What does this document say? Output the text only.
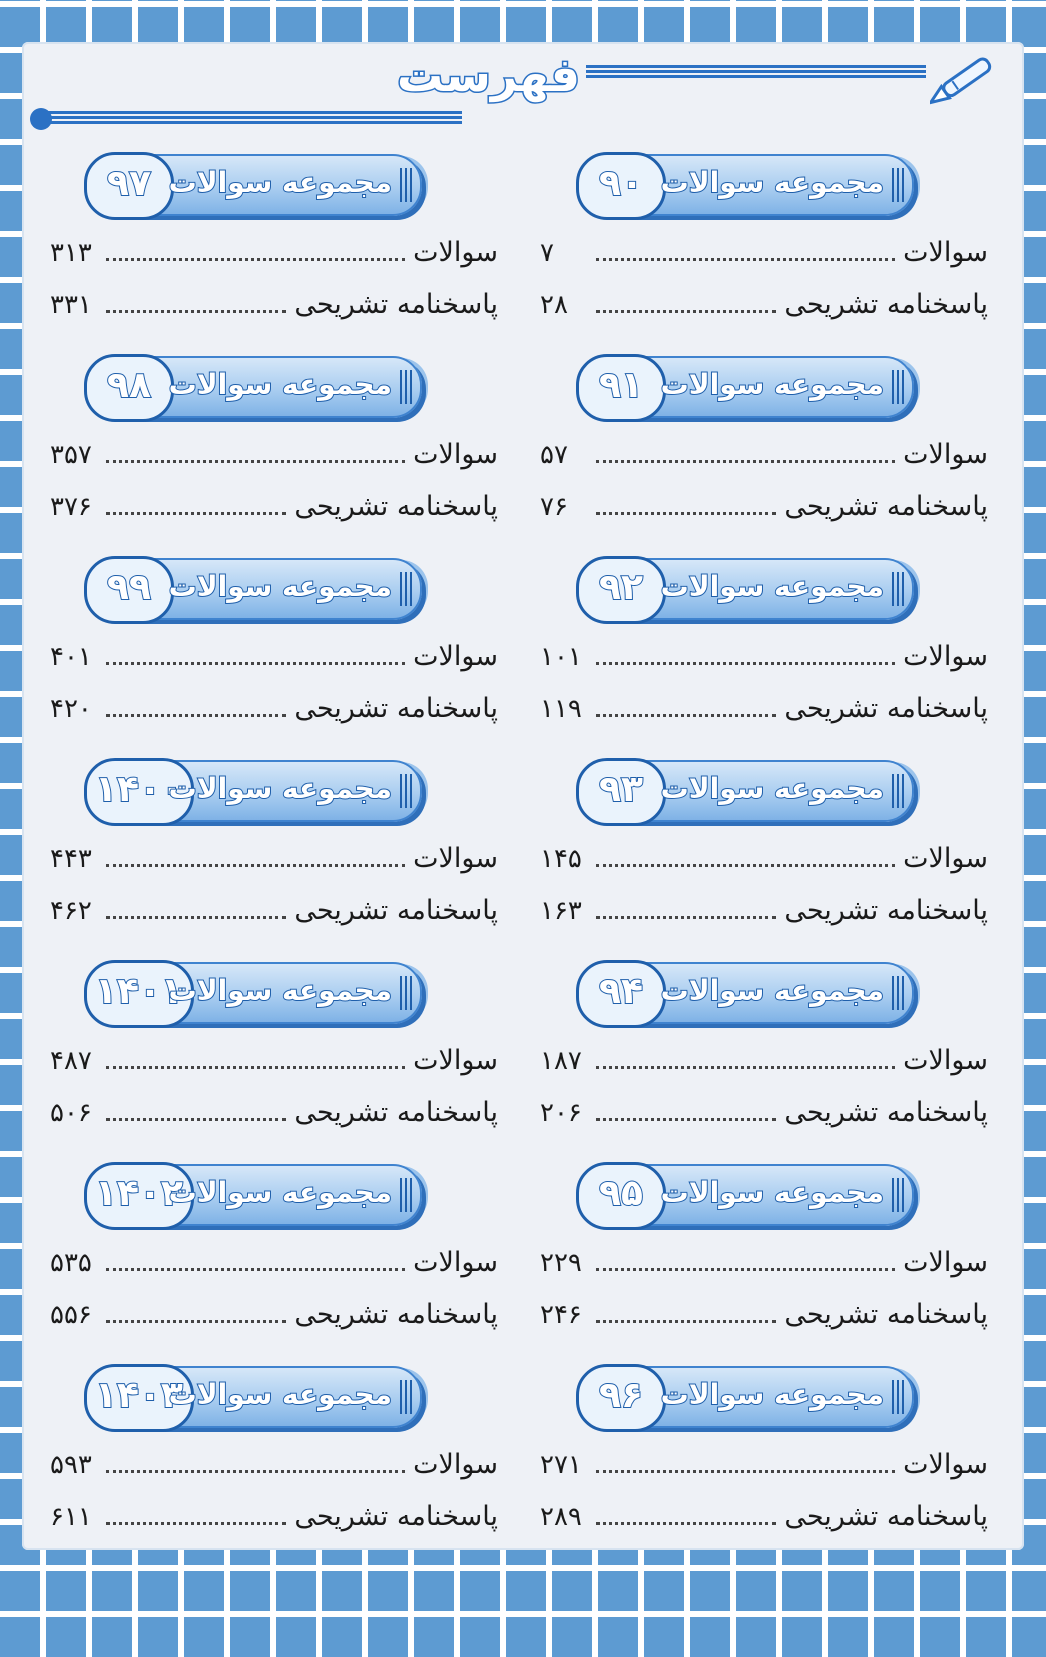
فهرست
۹۰ مجموعه سوالات
سوالات
۷
پاسخنامه تشریحی
۲۸
۹۱ مجموعه سوالات
سوالات
۵۷
پاسخنامه تشریحی
۷۶
۹۲ مجموعه سوالات
سوالات
۱۰۱
پاسخنامه تشریحی
۱۱۹
۹۳ مجموعه سوالات
سوالات
۱۴۵
پاسخنامه تشریحی
۱۶۳
۹۴ مجموعه سوالات
سوالات
۱۸۷
پاسخنامه تشریحی
۲۰۶
۹۵ مجموعه سوالات
سوالات
۲۲۹
پاسخنامه تشریحی
۲۴۶
۹۶ مجموعه سوالات
سوالات
۲۷۱
پاسخنامه تشریحی
۲۸۹
۹۷ مجموعه سوالات
سوالات
۳۱۳
پاسخنامه تشریحی
۳۳۱
۹۸ مجموعه سوالات
سوالات
۳۵۷
پاسخنامه تشریحی
۳۷۶
۹۹ مجموعه سوالات
سوالات
۴۰۱
پاسخنامه تشریحی
۴۲۰
۱۴۰۰
مجموعه سوالات
سوالات
۴۴۳
پاسخنامه تشریحی
۴۶۲
۱۴۰۱
مجموعه سوالات
سوالات
۴۸۷
پاسخنامه تشریحی
۵۰۶
۱۴۰۲
مجموعه سوالات
سوالات
۵۳۵
پاسخنامه تشریحی
۵۵۶
۱۴۰۳
مجموعه سوالات
سوالات
۵۹۳
پاسخنامه تشریحی
۶۱۱
